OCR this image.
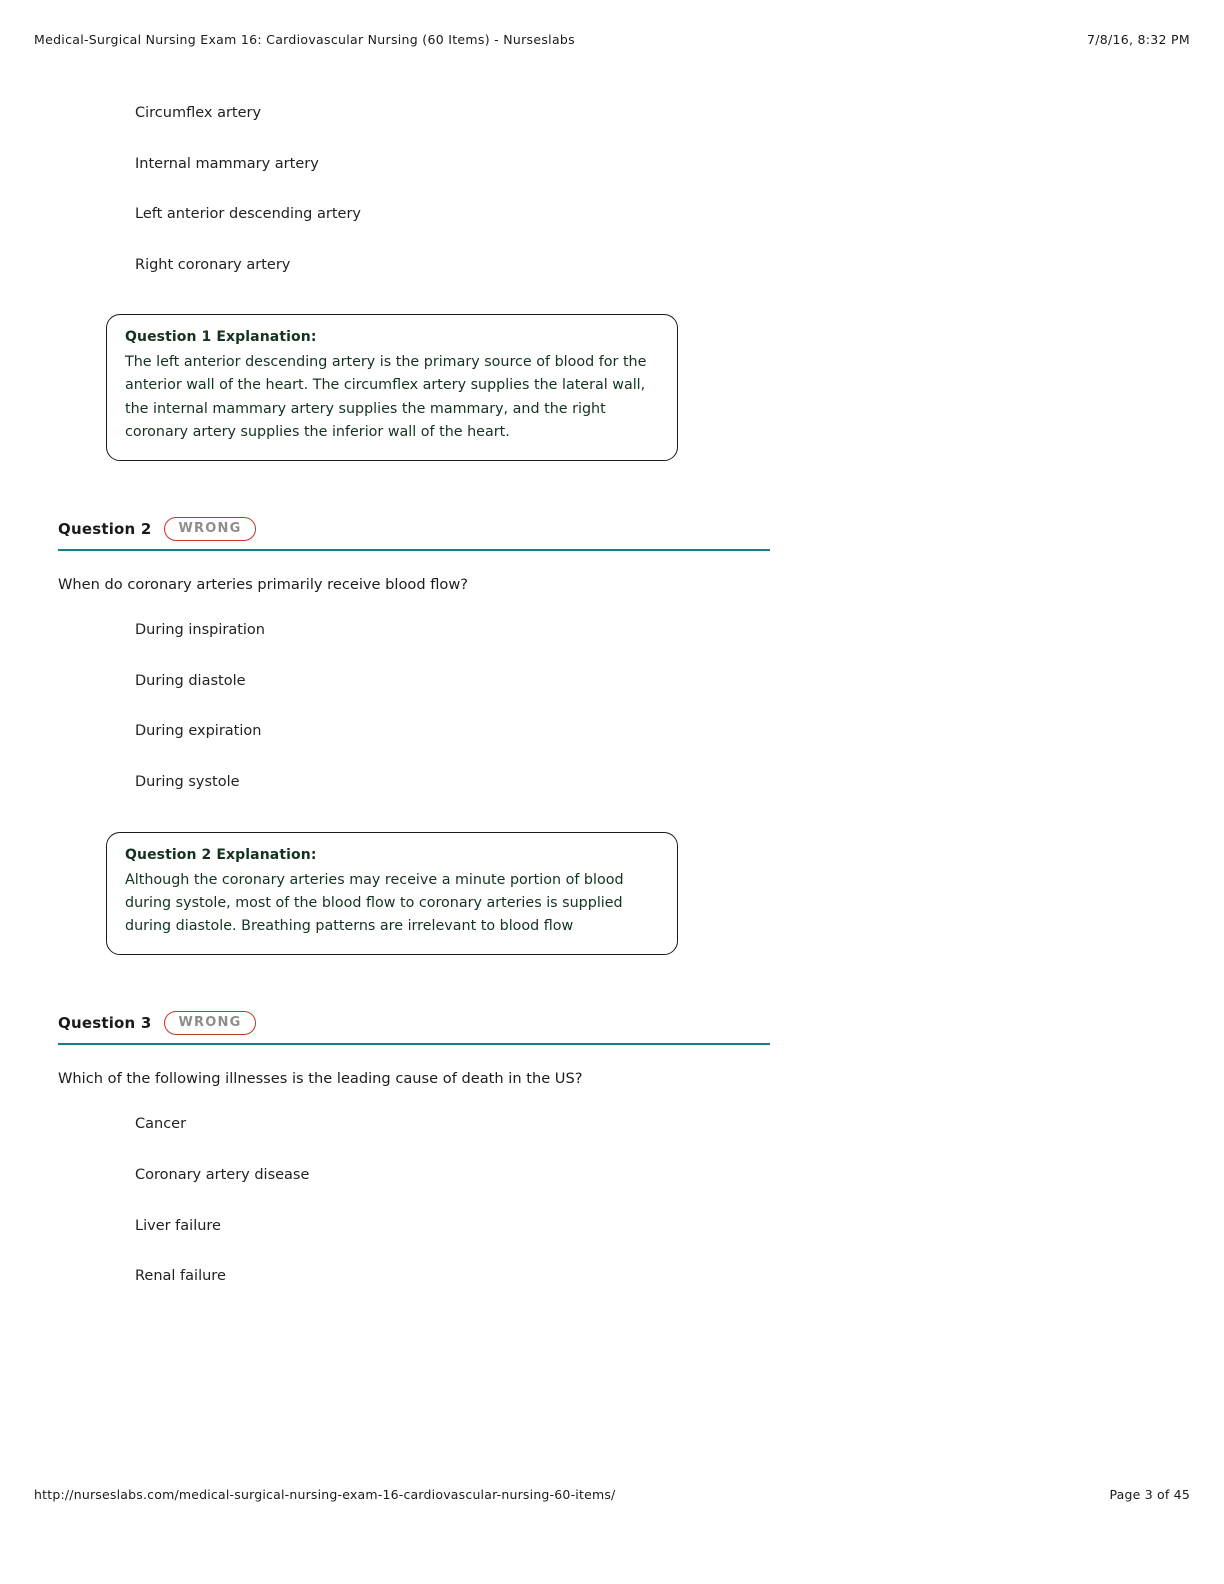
Medical-Surgical Nursing Exam 16: Cardiovascular Nursing (60 Items) - Nurseslabs	7/8/16, 8:32 PM
Circumflex artery
Internal mammary artery
Left anterior descending artery
Right coronary artery
Question 1 Explanation:
The left anterior descending artery is the primary source of blood for the anterior wall of the heart. The circumflex artery supplies the lateral wall, the internal mammary artery supplies the mammary, and the right coronary artery supplies the inferior wall of the heart.
Question 2	WRONG
When do coronary arteries primarily receive blood flow?
During inspiration
During diastole
During expiration
During systole
Question 2 Explanation:
Although the coronary arteries may receive a minute portion of blood during systole, most of the blood flow to coronary arteries is supplied during diastole. Breathing patterns are irrelevant to blood flow
Question 3	WRONG
Which of the following illnesses is the leading cause of death in the US?
Cancer
Coronary artery disease
Liver failure
Renal failure
http://nurseslabs.com/medical-surgical-nursing-exam-16-cardiovascular-nursing-60-items/	Page 3 of 45
